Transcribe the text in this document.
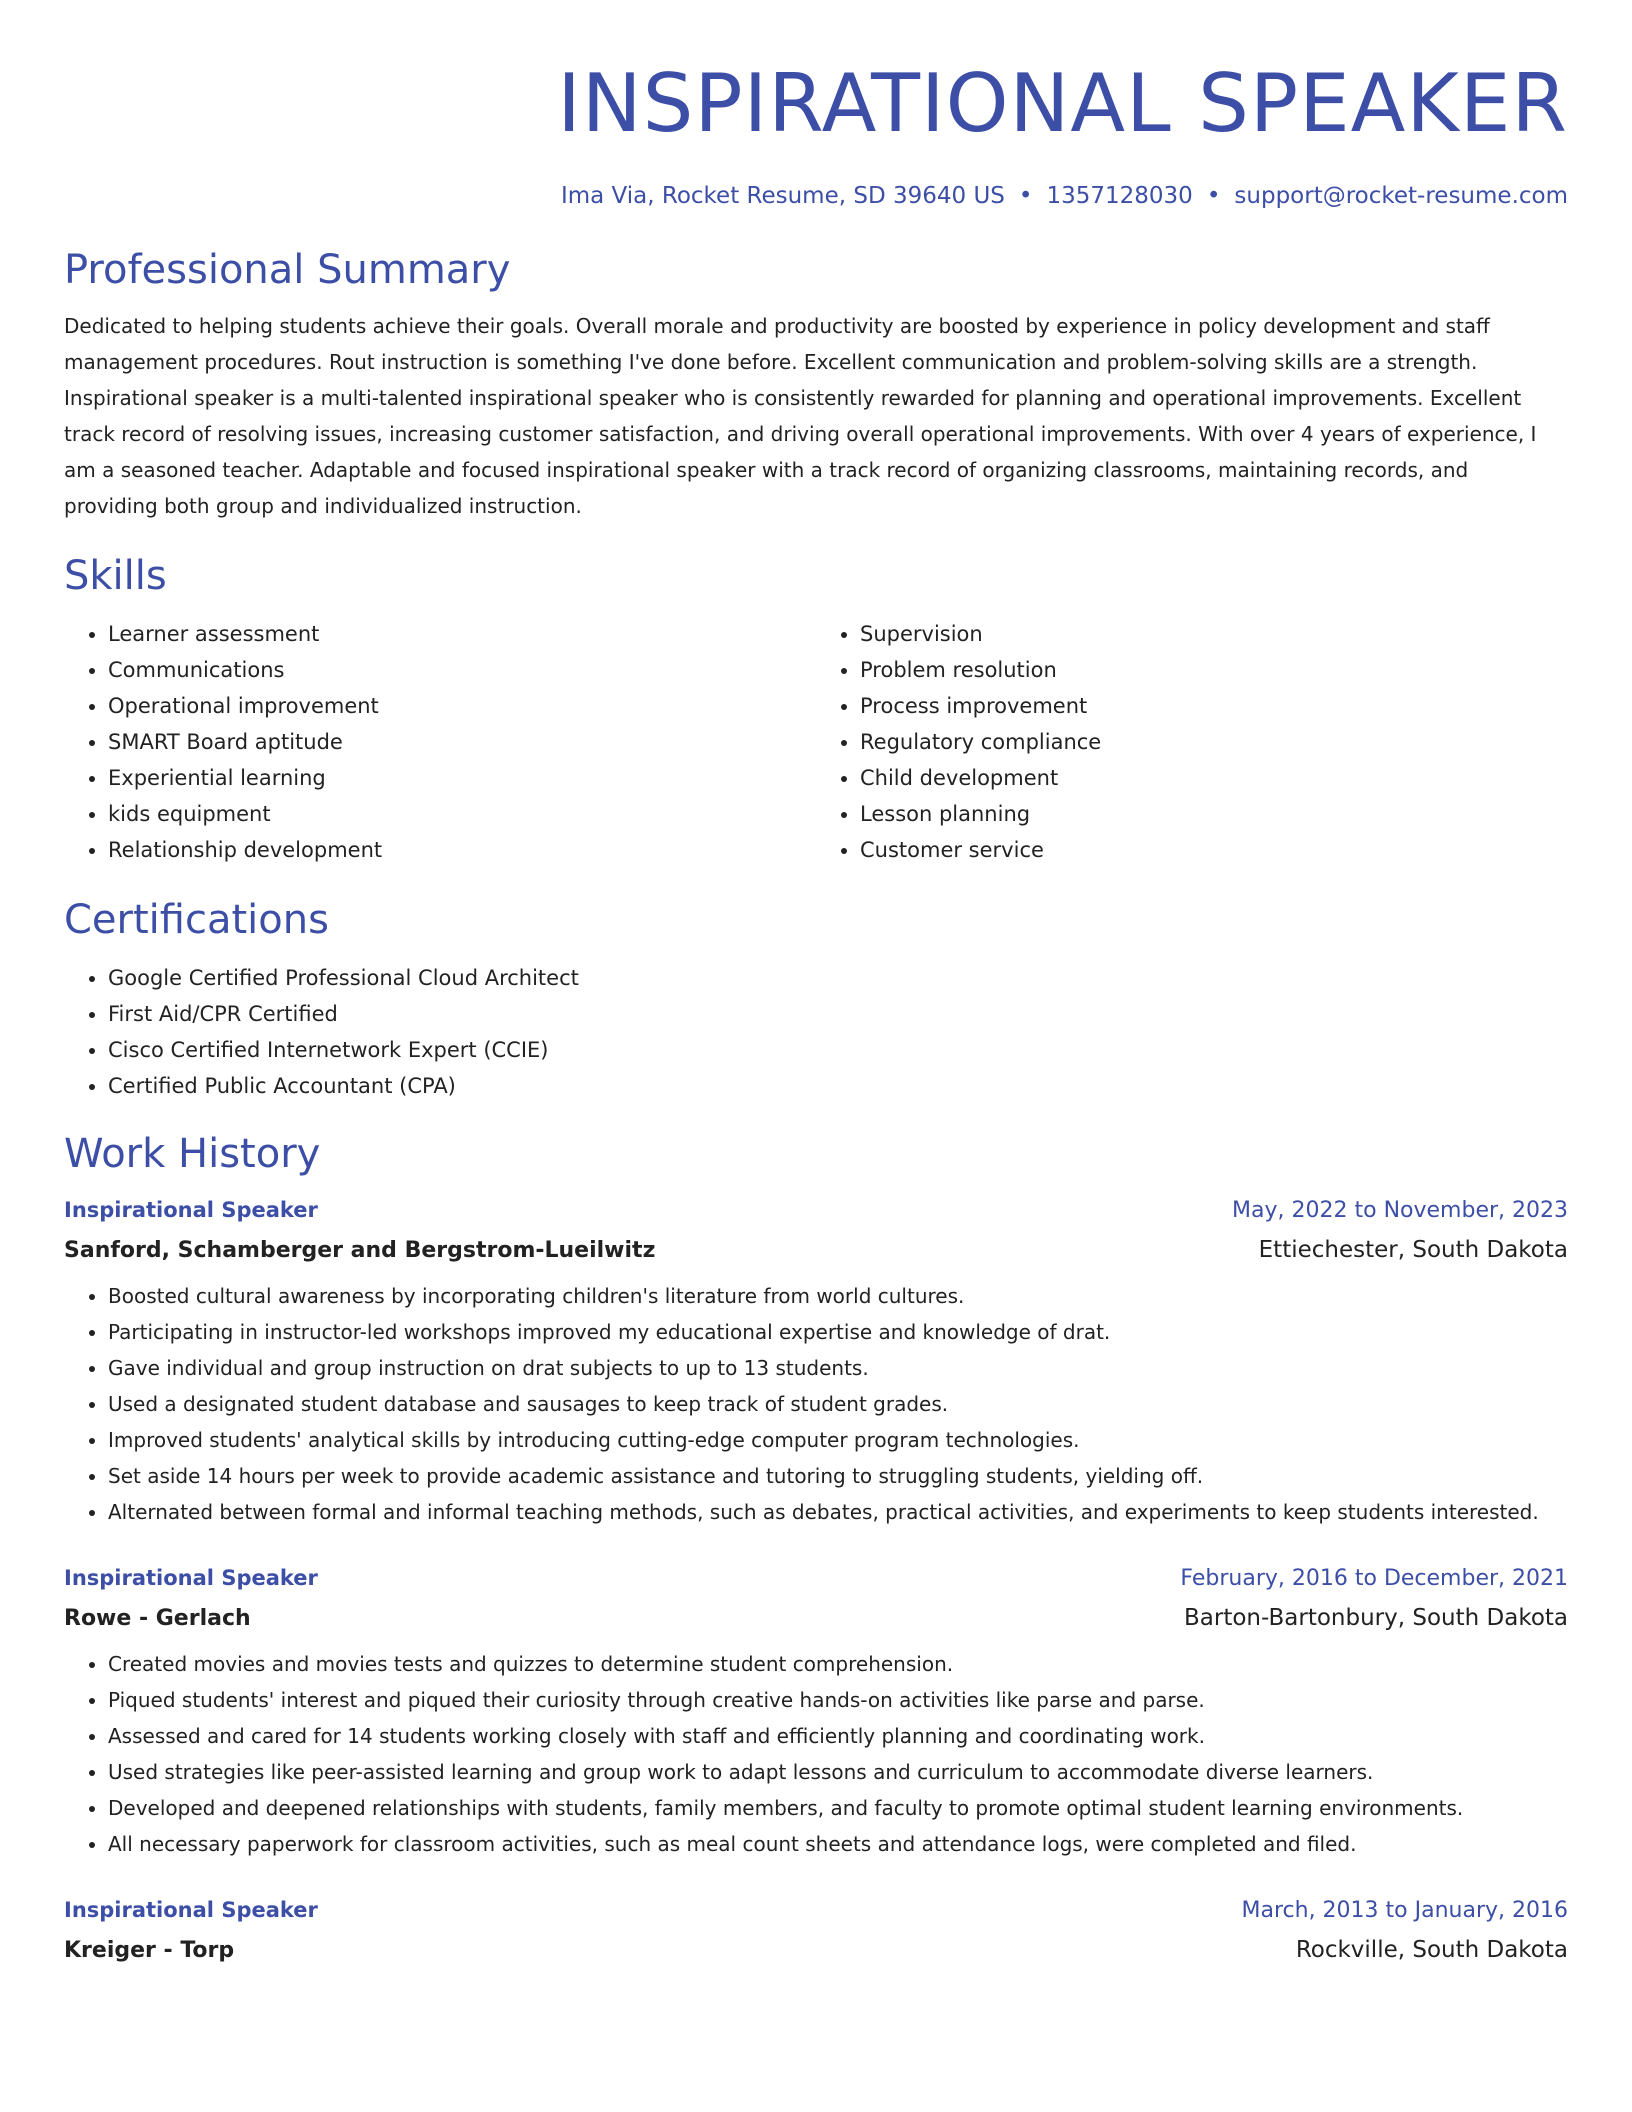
INSPIRATIONAL SPEAKER
Ima Via, Rocket Resume, SD 39640 US • 1357128030 • support@rocket-resume.com
Professional Summary
Dedicated to helping students achieve their goals. Overall morale and productivity are boosted by experience in policy development and staff management procedures. Rout instruction is something I've done before. Excellent communication and problem-solving skills are a strength. Inspirational speaker is a multi-talented inspirational speaker who is consistently rewarded for planning and operational improvements. Excellent track record of resolving issues, increasing customer satisfaction, and driving overall operational improvements. With over 4 years of experience, I am a seasoned teacher. Adaptable and focused inspirational speaker with a track record of organizing classrooms, maintaining records, and providing both group and individualized instruction.
Skills
• Learner assessment
• Communications
• Operational improvement
• SMART Board aptitude
• Experiential learning
• kids equipment
• Relationship development
• Supervision
• Problem resolution
• Process improvement
• Regulatory compliance
• Child development
• Lesson planning
• Customer service
Certifications
• Google Certified Professional Cloud Architect
• First Aid/CPR Certified
• Cisco Certified Internetwork Expert (CCIE)
• Certified Public Accountant (CPA)
Work History
Inspirational Speaker	May, 2022 to November, 2023
Sanford, Schamberger and Bergstrom-Lueilwitz	Ettiechester, South Dakota
• Boosted cultural awareness by incorporating children's literature from world cultures.
• Participating in instructor-led workshops improved my educational expertise and knowledge of drat.
• Gave individual and group instruction on drat subjects to up to 13 students.
• Used a designated student database and sausages to keep track of student grades.
• Improved students' analytical skills by introducing cutting-edge computer program technologies.
• Set aside 14 hours per week to provide academic assistance and tutoring to struggling students, yielding off.
• Alternated between formal and informal teaching methods, such as debates, practical activities, and experiments to keep students interested.
Inspirational Speaker	February, 2016 to December, 2021
Rowe - Gerlach	Barton-Bartonbury, South Dakota
• Created movies and movies tests and quizzes to determine student comprehension.
• Piqued students' interest and piqued their curiosity through creative hands-on activities like parse and parse.
• Assessed and cared for 14 students working closely with staff and efficiently planning and coordinating work.
• Used strategies like peer-assisted learning and group work to adapt lessons and curriculum to accommodate diverse learners.
• Developed and deepened relationships with students, family members, and faculty to promote optimal student learning environments.
• All necessary paperwork for classroom activities, such as meal count sheets and attendance logs, were completed and filed.
Inspirational Speaker	March, 2013 to January, 2016
Kreiger - Torp	Rockville, South Dakota
